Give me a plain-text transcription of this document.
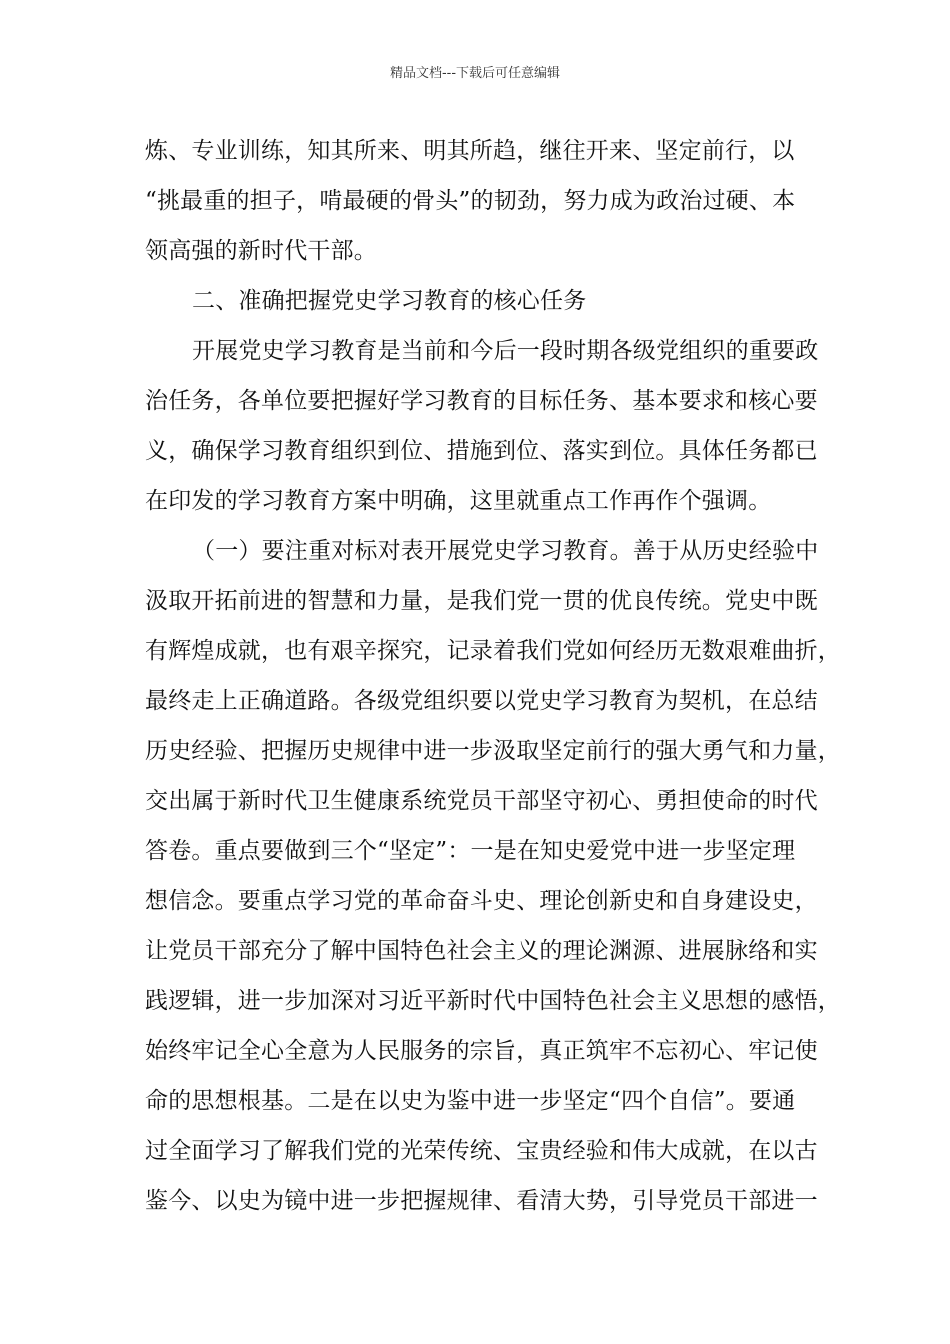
精品文档---下载后可任意编辑
炼、专业训练，知其所来、明其所趋，继往开来、坚定前行，以
“挑最重的担子，啃最硬的骨头”的韧劲，努力成为政治过硬、本
领高强的新时代干部。
二、准确把握党史学习教育的核心任务
开展党史学习教育是当前和今后一段时期各级党组织的重要政
治任务，各单位要把握好学习教育的目标任务、基本要求和核心要
义，确保学习教育组织到位、措施到位、落实到位。具体任务都已
在印发的学习教育方案中明确，这里就重点工作再作个强调。
（一）要注重对标对表开展党史学习教育。善于从历史经验中
汲取开拓前进的智慧和力量，是我们党一贯的优良传统。党史中既
有辉煌成就，也有艰辛探究，记录着我们党如何经历无数艰难曲折，
最终走上正确道路。各级党组织要以党史学习教育为契机，在总结
历史经验、把握历史规律中进一步汲取坚定前行的强大勇气和力量，
交出属于新时代卫生健康系统党员干部坚守初心、勇担使命的时代
答卷。重点要做到三个“坚定”：一是在知史爱党中进一步坚定理
想信念。要重点学习党的革命奋斗史、理论创新史和自身建设史，
让党员干部充分了解中国特色社会主义的理论渊源、进展脉络和实
践逻辑，进一步加深对习近平新时代中国特色社会主义思想的感悟，
始终牢记全心全意为人民服务的宗旨，真正筑牢不忘初心、牢记使
命的思想根基。二是在以史为鉴中进一步坚定“四个自信”。要通
过全面学习了解我们党的光荣传统、宝贵经验和伟大成就，在以古
鉴今、以史为镜中进一步把握规律、看清大势，引导党员干部进一
